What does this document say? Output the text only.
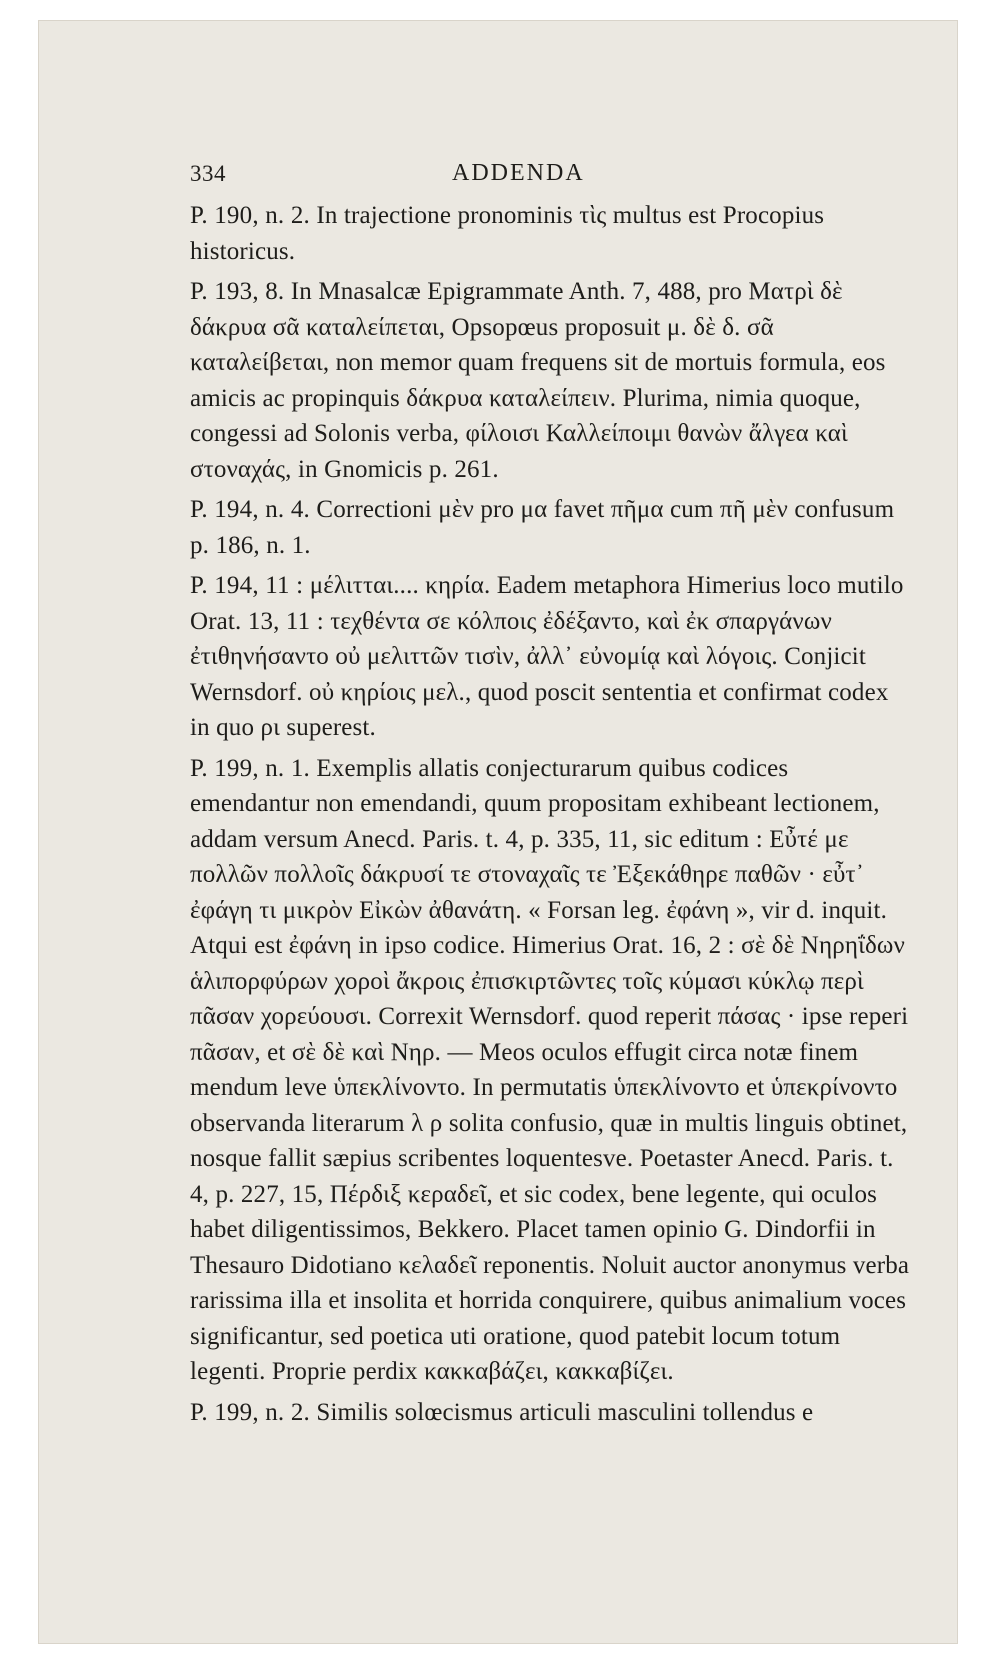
334	ADDENDA

P. 190, n. 2. In trajectione pronominis τὶς multus est Procopius historicus.

P. 193, 8. In Mnasalcæ Epigrammate Anth. 7, 488, pro Ματρὶ δὲ δάκρυα σᾶ καταλείπεται, Opsopœus proposuit μ. δὲ δ. σᾶ καταλείβεται, non memor quam frequens sit de mortuis formula, eos amicis ac propinquis δάκρυα καταλείπειν. Plurima, nimia quoque, congessi ad Solonis verba, φίλοισι Καλλείποιμι θανὼν ἄλγεα καὶ στοναχάς, in Gnomicis p. 261.

P. 194, n. 4. Correctioni μὲν pro μα favet πῆμα cum πῆ μὲν confusum p. 186, n. 1.

P. 194, 11 : μέλιτται.... κηρία. Eadem metaphora Himerius loco mutilo Orat. 13, 11 : τεχθέντα σε κόλποις ἐδέξαντο, καὶ ἐκ σπαργάνων ἐτιθηνήσαντο οὐ μελιττῶν τισὶν, ἀλλ᾽ εὐνομίᾳ καὶ λόγοις. Conjicit Wernsdorf. οὐ κηρίοις μελ., quod poscit sententia et confirmat codex in quo ρι superest.

P. 199, n. 1. Exemplis allatis conjecturarum quibus codices emendantur non emendandi, quum propositam exhibeant lectionem, addam versum Anecd. Paris. t. 4, p. 335, 11, sic editum : Εὖτέ με πολλῶν πολλοῖς δάκρυσί τε στοναχαῖς τε Ἐξεκάθηρε παθῶν · εὖτ᾽ ἐφάγη τι μικρὸν Εἰκὼν ἀθανάτη. « Forsan leg. ἐφάνη », vir d. inquit. Atqui est ἐφάνη in ipso codice. Himerius Orat. 16, 2 : σὲ δὲ Νηρηΐδων ἁλιπορφύρων χοροὶ ἄκροις ἐπισκιρτῶντες τοῖς κύμασι κύκλῳ περὶ πᾶσαν χορεύουσι. Correxit Wernsdorf. quod reperit πάσας · ipse reperi πᾶσαν, et σὲ δὲ καὶ Νηρ. — Meos oculos effugit circa notæ finem mendum leve ὑπεκλίνοντο. In permutatis ὑπεκλίνοντο et ὑπεκρίνοντο observanda literarum λ ρ solita confusio, quæ in multis linguis obtinet, nosque fallit sæpius scribentes loquentesve. Poetaster Anecd. Paris. t. 4, p. 227, 15, Πέρδιξ κεραδεῖ, et sic codex, bene legente, qui oculos habet diligentissimos, Bekkero. Placet tamen opinio G. Dindorfii in Thesauro Didotiano κελαδεῖ reponentis. Noluit auctor anonymus verba rarissima illa et insolita et horrida conquirere, quibus animalium voces significantur, sed poetica uti oratione, quod patebit locum totum legenti. Proprie perdix κακκαβάζει, κακκαβίζει.

P. 199, n. 2. Similis solœcismus articuli masculini tollendus e
